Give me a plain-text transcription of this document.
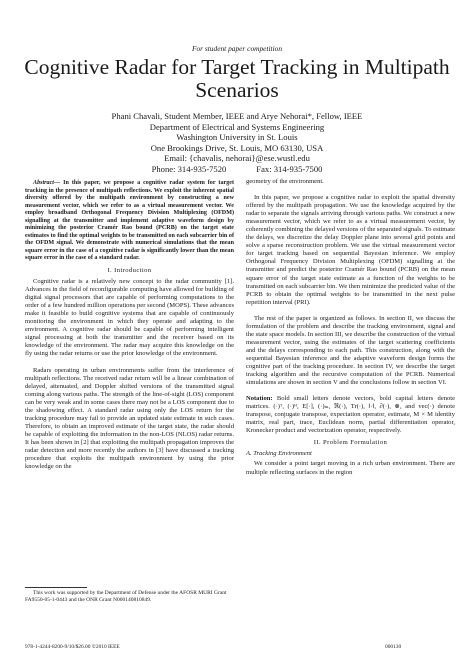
For student paper competition
Cognitive Radar for Target Tracking in Multipath Scenarios
Phani Chavali, Student Member, IEEE and Arye Nehorai*, Fellow, IEEE
Department of Electrical and Systems Engineering
Washington University in St. Louis
One Brookings Drive, St. Louis, MO 63130, USA
Email: {chavalis, nehorai}@ese.wustl.edu
Phone: 314-935-7520	Fax: 314-935-7500

Abstract— In this paper, we propose a cognitive radar system for target tracking in the presence of multipath reflections. We exploit the inherent spatial diversity offered by the multipath environment by constructing a new measurement vector, which we refer to as a virtual measurement vector. We employ broadband Orthogonal Frequency Division Multiplexing (OFDM) signalling at the transmitter and implement adaptive waveform design by minimizing the posterior Cramér Rao bound (PCRB) on the target state estimates to find the optimal weights to be transmitted on each subcarrier bin of the OFDM signal. We demonstrate with numerical simulations that the mean square error in the case of a cognitive radar is significantly lower than the mean square error in the case of a standard radar.

I. Introduction

Cognitive radar is a relatively new concept to the radar community [1]. Advances in the field of reconfigurable computing have allowed for building of digital signal processors that are capable of performing computations to the order of a few hundred million operations per second (MOPS). These advances make it feasible to build cognitive systems that are capable of continuously monitoring the environment in which they operate and adapting to the environment. A cognitive radar should be capable of performing intelligent signal processing at both the transmitter and the receiver based on its knowledge of the environment. The radar may acquire this knowledge on the fly using the radar returns or use the prior knowledge of the environment.

Radars operating in urban environments suffer from the interference of multipath reflections. The received radar return will be a linear combination of delayed, attenuated, and Doppler shifted versions of the transmitted signal coming along various paths. The strength of the line-of-sight (LOS) component can be very weak and in some cases there may not be a LOS component due to the shadowing effect. A standard radar using only the LOS return for the tracking procedure may fail to provide an updated state estimate in such cases. Therefore, to obtain an improved estimate of the target state, the radar should be capable of exploiting the information in the non-LOS (NLOS) radar returns. It has been shown in [2] that exploiting the multipath propagation improves the radar detection and more recently the authors in [3] have discussed a tracking procedure that exploits the multipath environment by using the prior knowledge on the

This work was supported by the Department of Defense under the AFOSR MURI Grant FA9550-05-1-0443 and the ONR Grant N000140810849.

geometry of the environment.

In this paper, we propose a cognitive radar to exploit the spatial diversity offered by the multipath propagation. We use the knowledge acquired by the radar to separate the signals arriving through various paths. We construct a new measurement vector, which we refer to as a virtual measurement vector, by coherently combining the delayed versions of the separated signals. To estimate the delays, we discretize the delay Doppler plane into several grid points and solve a sparse reconstruction problem. We use the virtual measurement vector for target tracking based on sequential Bayesian inference. We employ Orthogonal Frequency Division Multiplexing (OFDM) signalling at the transmitter and predict the posterior Cramér Rao bound (PCRB) on the mean square error of the target state estimate as a function of the weights to be transmitted on each subcarrier bin. We then minimize the predicted value of the PCRB to obtain the optimal weights to be transmitted in the next pulse repetition interval (PRI).

The rest of the paper is organized as follows. In section II, we discuss the formulation of the problem and describe the tracking environment, signal and the state space models. In section III, we describe the construction of the virtual measurement vector, using the estimates of the target scattering coefficients and the delays corresponding to each path. This construction, along with the sequential Bayesian inference and the adaptive waveform design forms the cognitive part of the tracking procedure. In section IV, we describe the target tracking algorithm and the recursive computation of the PCRB. Numerical simulations are shown in section V and the conclusions follow in section VI.

Notation: Bold small letters denote vectors, bold capital letters denote matrices. (·)ᵀ, (·)ᴴ, E[·], (·)ₘ, ℜ(·), Tr(·), ‖·‖, ∂(·), ⊗, and vec(·) denote transpose, conjugate transpose, expectation operator, estimate, M × M identity matrix, real part, trace, Euclidean norm, partial differentiation operator, Kronecker product and vectorization operator, respectively.

II. Problem Formulation

A. Tracking Environment

We consider a point target moving in a rich urban environment. There are multiple reflecting surfaces in the region

978-1-4244-8200-9/10/$26.00 ©2010 IEEE	000130
